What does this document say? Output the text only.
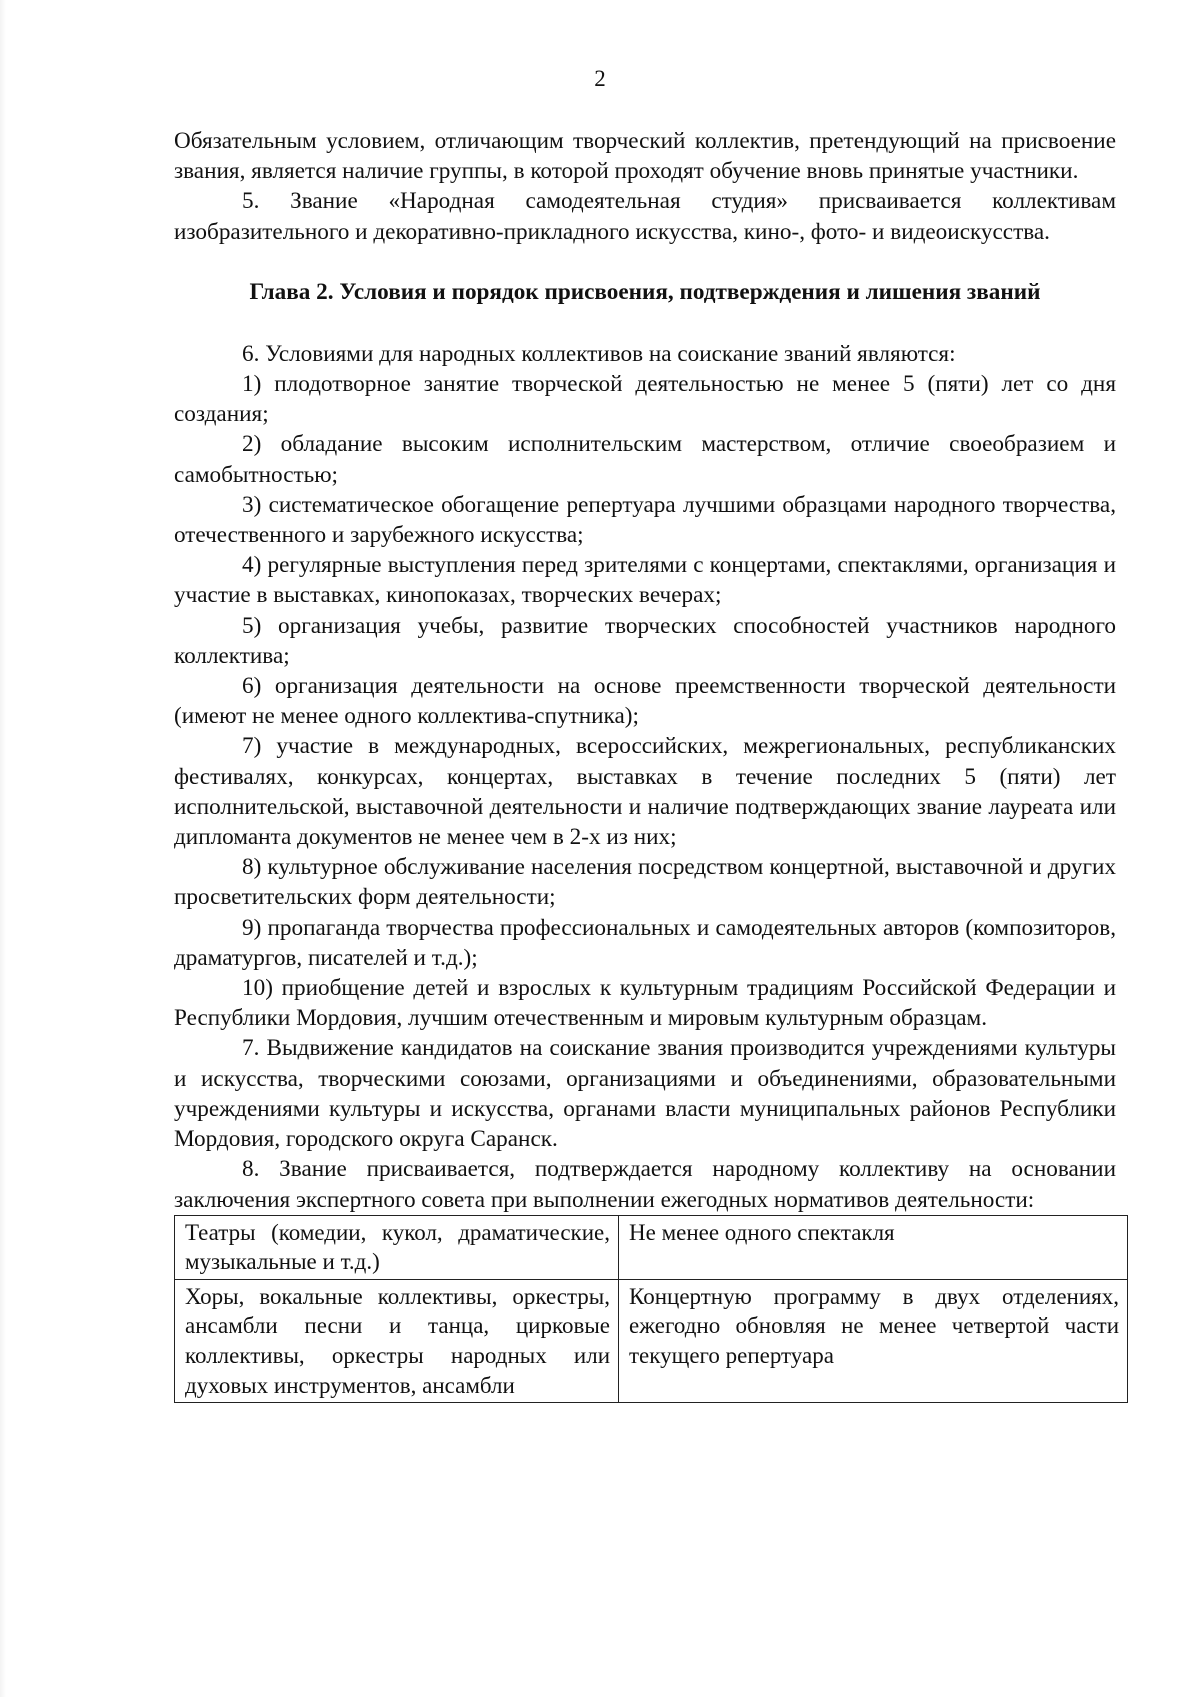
2

Обязательным условием, отличающим творческий коллектив, претендующий на присвоение звания, является наличие группы, в которой проходят обучение вновь принятые участники.

5. Звание «Народная самодеятельная студия» присваивается коллективам изобразительного и декоративно-прикладного искусства, кино-, фото- и видеоискусства.

Глава 2. Условия и порядок присвоения, подтверждения и лишения званий

6. Условиями для народных коллективов на соискание званий являются:

1) плодотворное занятие творческой деятельностью не менее 5 (пяти) лет со дня создания;

2) обладание высоким исполнительским мастерством, отличие своеобразием и самобытностью;

3) систематическое обогащение репертуара лучшими образцами народного творчества, отечественного и зарубежного искусства;

4) регулярные выступления перед зрителями с концертами, спектаклями, организация и участие в выставках, кинопоказах, творческих вечерах;

5) организация учебы, развитие творческих способностей участников народного коллектива;

6) организация деятельности на основе преемственности творческой деятельности (имеют не менее одного коллектива-спутника);

7) участие в международных, всероссийских, межрегиональных, республиканских фестивалях, конкурсах, концертах, выставках в течение последних 5 (пяти) лет исполнительской, выставочной деятельности и наличие подтверждающих звание лауреата или дипломанта документов не менее чем в 2-х из них;

8) культурное обслуживание населения посредством концертной, выставочной и других просветительских форм деятельности;

9) пропаганда творчества профессиональных и самодеятельных авторов (композиторов, драматургов, писателей и т.д.);

10) приобщение детей и взрослых к культурным традициям Российской Федерации и Республики Мордовия, лучшим отечественным и мировым культурным образцам.

7. Выдвижение кандидатов на соискание звания производится учреждениями культуры и искусства, творческими союзами, организациями и объединениями, образовательными учреждениями культуры и искусства, органами власти муниципальных районов Республики Мордовия, городского округа Саранск.

8. Звание присваивается, подтверждается народному коллективу на основании заключения экспертного совета при выполнении ежегодных нормативов деятельности:

Театры (комедии, кукол, драматические, музыкальные и т.д.)	Не менее одного спектакля
Хоры, вокальные коллективы, оркестры, ансамбли песни и танца, цирковые коллективы, оркестры народных или духовых инструментов, ансамбли	Концертную программу в двух отделениях, ежегодно обновляя не менее четвертой части текущего репертуара
